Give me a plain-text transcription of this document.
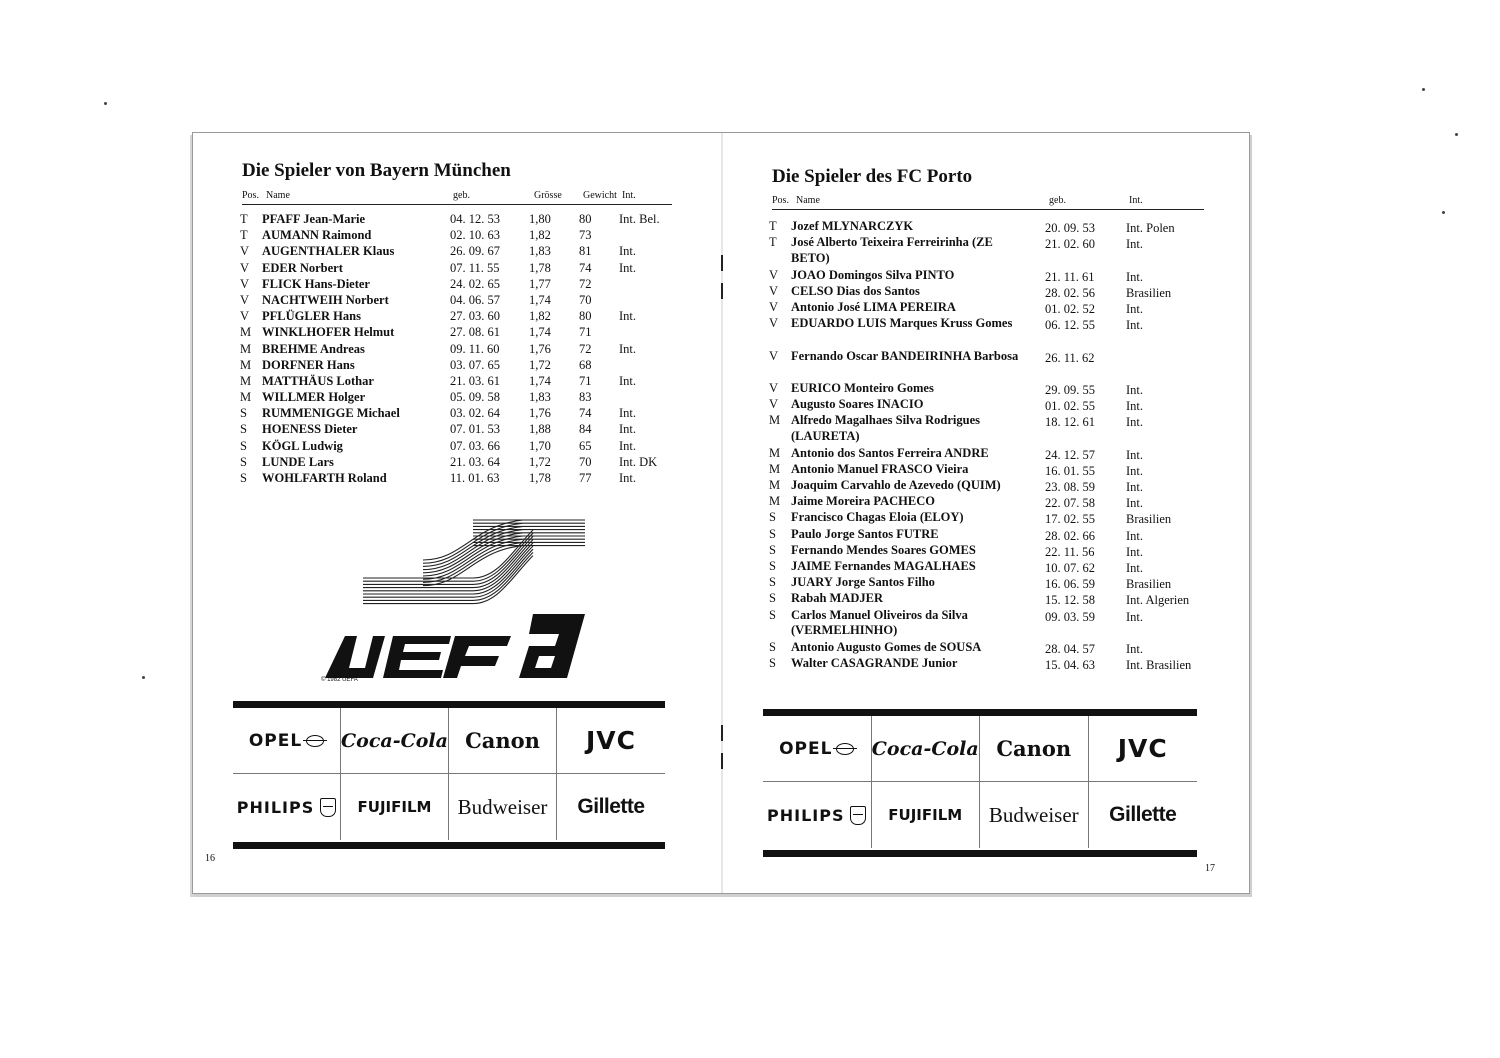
Die Spieler von Bayern München
Pos. Name	geb.	Grösse Gewicht Int.
T PFAFF Jean-Marie	04. 12. 53 1,80 80 Int. Bel.
T AUMANN Raimond	02. 10. 63 1,82 73
V AUGENTHALER Klaus	26. 09. 67 1,83 81 Int.
V EDER Norbert	07. 11. 55 1,78 74 Int.
V FLICK Hans-Dieter	24. 02. 65 1,77 72
V NACHTWEIH Norbert	04. 06. 57 1,74 70
V PFLÜGLER Hans	27. 03. 60 1,82 80 Int.
M WINKLHOFER Helmut	27. 08. 61 1,74 71
M BREHME Andreas	09. 11. 60 1,76 72 Int.
M DORFNER Hans	03. 07. 65 1,72 68
M MATTHÄUS Lothar	21. 03. 61 1,74 71 Int.
M WILLMER Holger	05. 09. 58 1,83 83
S RUMMENIGGE Michael	03. 02. 64 1,76 74 Int.
S HOENESS Dieter	07. 01. 53 1,88 84 Int.
S KÖGL Ludwig	07. 03. 66 1,70 65 Int.
S LUNDE Lars	21. 03. 64 1,72 70 Int. DK
S WOHLFARTH Roland	11. 01. 63 1,78 77 Int.
© 1982 UEFA
OPEL Coca-Cola Canon	JVC
PHILIPS	FUJIFILM	Budweiser	Gillette
16
Die Spieler des FC Porto
Pos. Name	geb.	Int.
T Jozef MLYNARCZYK	20. 09. 53 Int. Polen
T José Alberto Teixeira Ferreirinha (ZE BETO)
21. 02. 60 Int.
V JOAO Domingos Silva PINTO	21. 11. 61	Int.
V CELSO Dias dos Santos	28. 02. 56 Brasilien
V Antonio José LIMA PEREIRA	01. 02. 52 Int.
V EDUARDO LUIS Marques Kruss Gomes	06. 12. 55 Int.
V Fernando Oscar BANDEIRINHA Barbosa	26. 11. 62
V EURICO Monteiro Gomes	29. 09. 55 Int.
V Augusto Soares INACIO	01. 02. 55 Int.
M Alfredo Magalhaes Silva Rodrigues (LAURETA)
18. 12. 61 Int.
M Antonio dos Santos Ferreira ANDRE	24. 12. 57 Int.
M Antonio Manuel FRASCO Vieira	16. 01. 55 Int.
M Joaquim Carvahlo de Azevedo (QUIM)	23. 08. 59 Int.
M Jaime Moreira PACHECO	22. 07. 58 Int.
S Francisco Chagas Eloia (ELOY)	17. 02. 55 Brasilien
S Paulo Jorge Santos FUTRE	28. 02. 66 Int.
S Fernando Mendes Soares GOMES	22. 11. 56	Int.
S JAIME Fernandes MAGALHAES	10. 07. 62 Int.
S JUARY Jorge Santos Filho	16. 06. 59 Brasilien
S Rabah MADJER	15. 12. 58 Int. Algerien
S Carlos Manuel Oliveiros da Silva (VERMELHINHO)
09. 03. 59 Int.
S Antonio Augusto Gomes de SOUSA	28. 04. 57 Int.
S Walter CASAGRANDE Junior	15. 04. 63 Int. Brasilien
OPEL Coca-Cola Canon	JVC
PHILIPS	FUJIFILM	Budweiser	Gillette
17
